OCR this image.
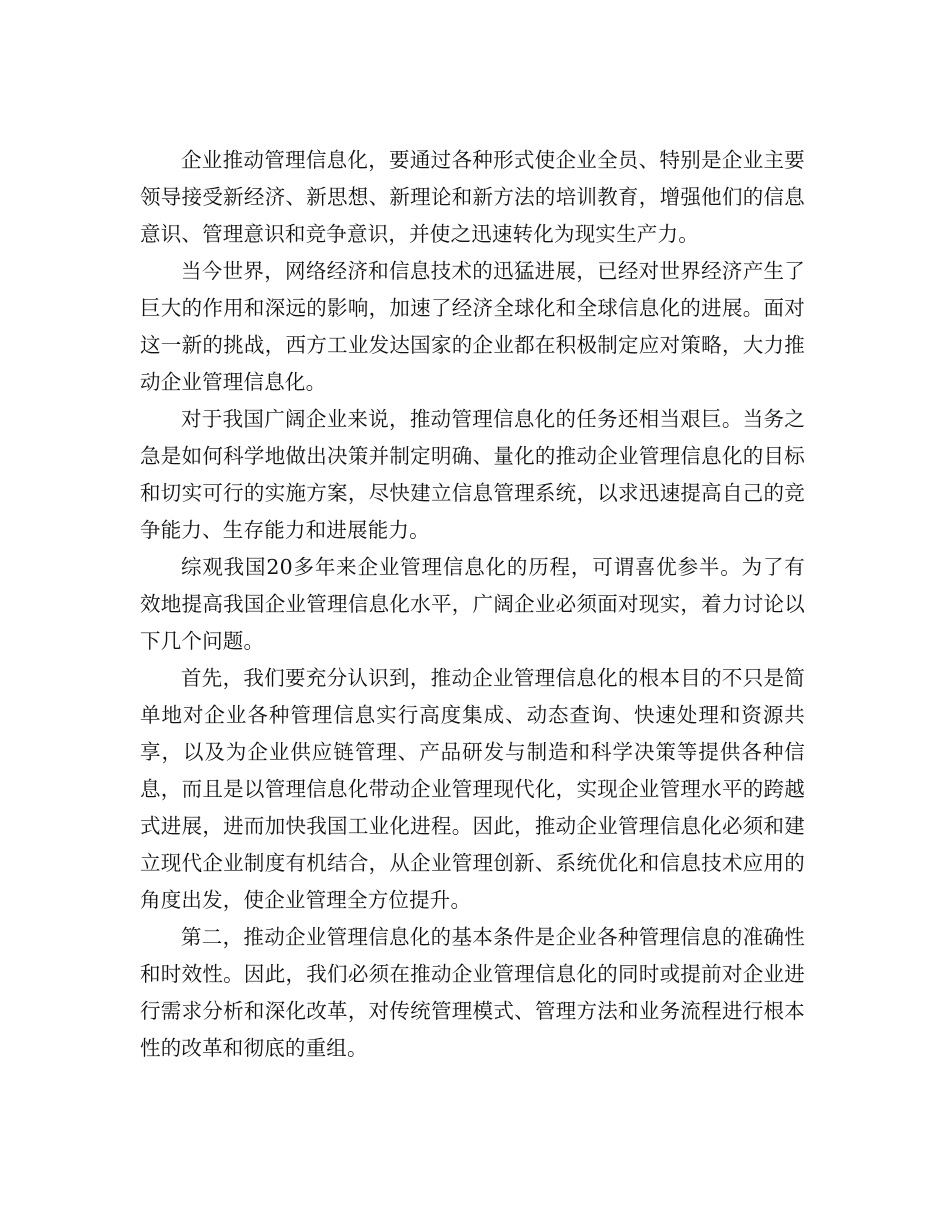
企业推动管理信息化，要通过各种形式使企业全员、特别是企业主要领导接受新经济、新思想、新理论和新方法的培训教育，增强他们的信息意识、管理意识和竞争意识，并使之迅速转化为现实生产力。

当今世界，网络经济和信息技术的迅猛进展，已经对世界经济产生了巨大的作用和深远的影响，加速了经济全球化和全球信息化的进展。面对这一新的挑战，西方工业发达国家的企业都在积极制定应对策略，大力推动企业管理信息化。

对于我国广阔企业来说，推动管理信息化的任务还相当艰巨。当务之急是如何科学地做出决策并制定明确、量化的推动企业管理信息化的目标和切实可行的实施方案，尽快建立信息管理系统，以求迅速提高自己的竞争能力、生存能力和进展能力。

综观我国20多年来企业管理信息化的历程，可谓喜优参半。为了有效地提高我国企业管理信息化水平，广阔企业必须面对现实，着力讨论以下几个问题。

首先，我们要充分认识到，推动企业管理信息化的根本目的不只是简单地对企业各种管理信息实行高度集成、动态查询、快速处理和资源共享，以及为企业供应链管理、产品研发与制造和科学决策等提供各种信息，而且是以管理信息化带动企业管理现代化，实现企业管理水平的跨越式进展，进而加快我国工业化进程。因此，推动企业管理信息化必须和建立现代企业制度有机结合，从企业管理创新、系统优化和信息技术应用的角度出发，使企业管理全方位提升。

第二，推动企业管理信息化的基本条件是企业各种管理信息的准确性和时效性。因此，我们必须在推动企业管理信息化的同时或提前对企业进行需求分析和深化改革，对传统管理模式、管理方法和业务流程进行根本性的改革和彻底的重组。
